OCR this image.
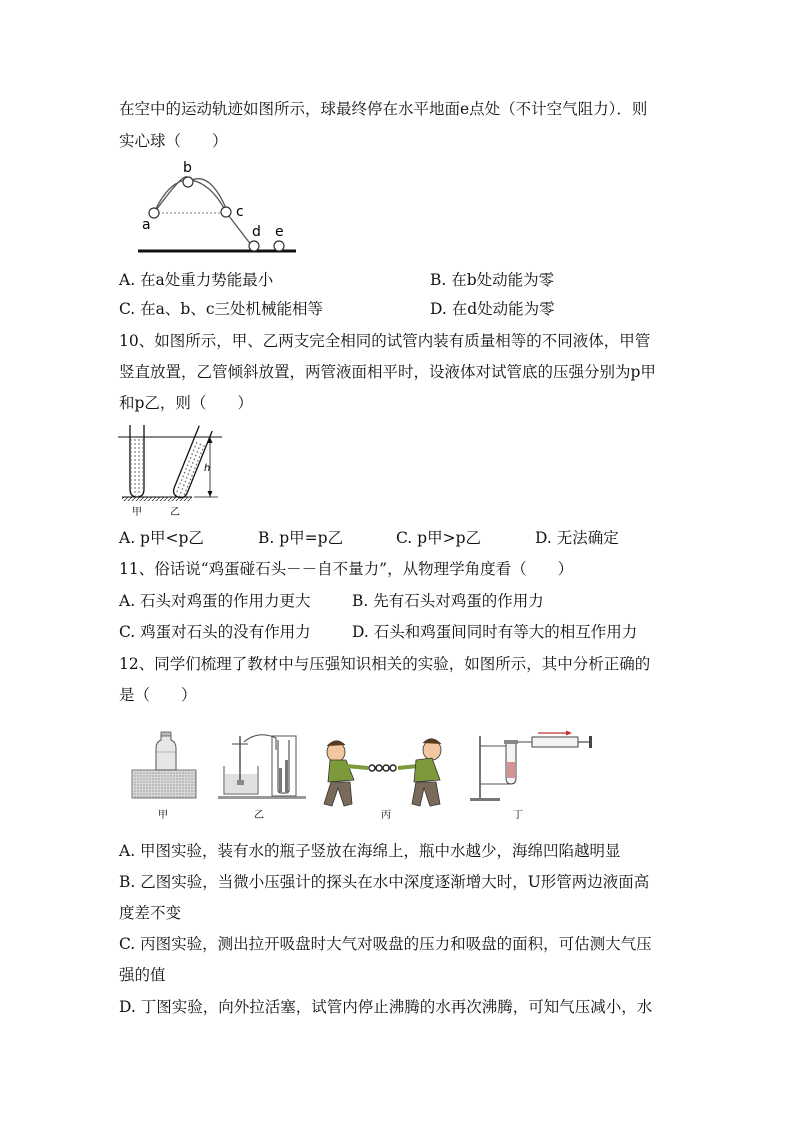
在空中的运动轨迹如图所示，球最终停在水平地面e点处（不计空气阻力）．则
实心球（　　）
a
b
c
d e
A. 在a处重力势能最小	B. 在b处动能为零
C. 在a、b、c三处机械能相等	D. 在d处动能为零
10、如图所示，甲、乙两支完全相同的试管内装有质量相等的不同液体，甲管
竖直放置，乙管倾斜放置，两管液面相平时，设液体对试管底的压强分别为p甲
和p乙，则（　　）
h
甲	乙
A. p甲<p乙	B. p甲=p乙	C. p甲>p乙	D. 无法确定
11、俗话说“鸡蛋碰石头－－自不量力”，从物理学角度看（　　）
A. 石头对鸡蛋的作用力更大	B. 先有石头对鸡蛋的作用力
C. 鸡蛋对石头的没有作用力	D. 石头和鸡蛋间同时有等大的相互作用力
12、同学们梳理了教材中与压强知识相关的实验，如图所示，其中分析正确的
是（　　）
甲	乙	丙	丁
A. 甲图实验，装有水的瓶子竖放在海绵上，瓶中水越少，海绵凹陷越明显
B. 乙图实验，当微小压强计的探头在水中深度逐渐增大时，U形管两边液面高
度差不变
C. 丙图实验，测出拉开吸盘时大气对吸盘的压力和吸盘的面积，可估测大气压
强的值
D. 丁图实验，向外拉活塞，试管内停止沸腾的水再次沸腾，可知气压减小，水
